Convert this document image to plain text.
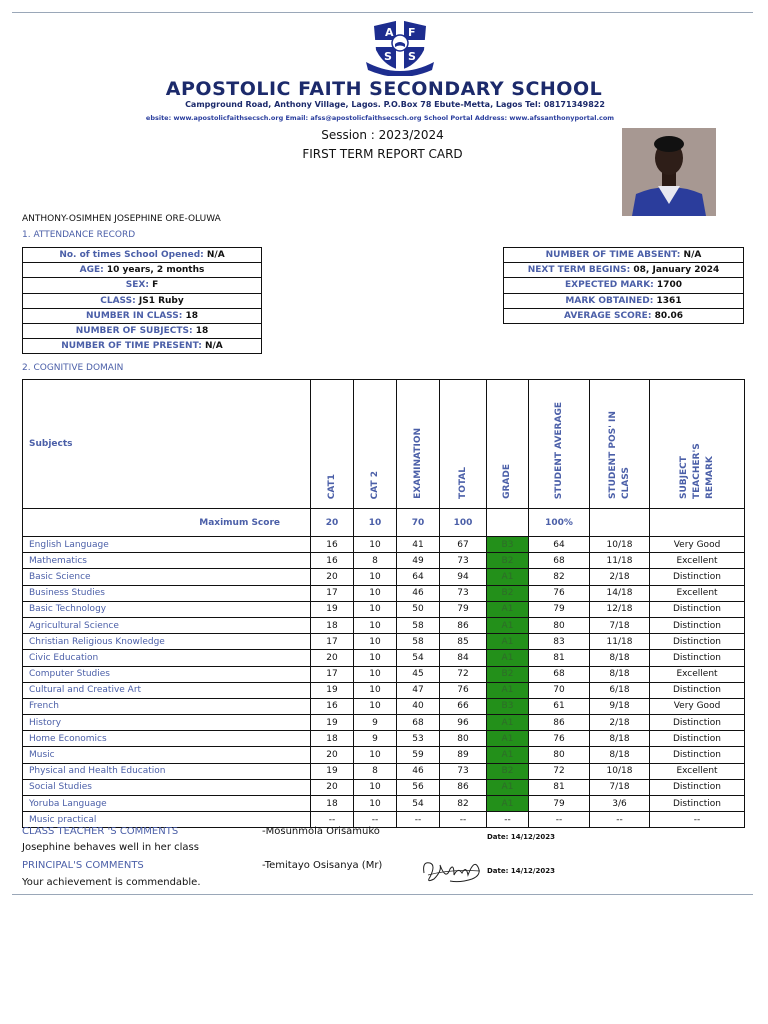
A F
S S
APOSTOLIC FAITH SECONDARY SCHOOL
Campground Road, Anthony Village, Lagos. P.O.Box 78 Ebute-Metta, Lagos Tel: 08171349822
ebsite: www.apostolicfaithsecsch.org Email: afss@apostolicfaithsecsch.org School Portal Address: www.afssanthonyportal.com
Session : 2023/2024
FIRST TERM REPORT CARD
ANTHONY-OSIMHEN JOSEPHINE ORE-OLUWA
1. ATTENDANCE RECORD
No. of times School Opened: N/A
AGE: 10 years, 2 months
SEX: F
CLASS: JS1 Ruby
NUMBER IN CLASS: 18
NUMBER OF SUBJECTS: 18
NUMBER OF TIME PRESENT: N/A
NUMBER OF TIME ABSENT: N/A
NEXT TERM BEGINS: 08, January 2024
EXPECTED MARK: 1700
MARK OBTAINED: 1361
AVERAGE SCORE: 80.06
2. COGNITIVE DOMAIN
Subjects	CAT1	CAT 2	EXAMINATION	TOTAL	GRADE	STUDENT AVERAGE	STUDENT POS' IN CLASS	SUBJECT TEACHER'S REMARK
Maximum Score	20	10	70	100		100%		
English Language	16	10	41	67	B3	64	10/18	Very Good
Mathematics	16	8	49	73	B2	68	11/18	Excellent
Basic Science	20	10	64	94	A1	82	2/18	Distinction
Business Studies	17	10	46	73	B2	76	14/18	Excellent
Basic Technology	19	10	50	79	A1	79	12/18	Distinction
Agricultural Science	18	10	58	86	A1	80	7/18	Distinction
Christian Religious Knowledge	17	10	58	85	A1	83	11/18	Distinction
Civic Education	20	10	54	84	A1	81	8/18	Distinction
Computer Studies	17	10	45	72	B2	68	8/18	Excellent
Cultural and Creative Art	19	10	47	76	A1	70	6/18	Distinction
French	16	10	40	66	B3	61	9/18	Very Good
History	19	9	68	96	A1	86	2/18	Distinction
Home Economics	18	9	53	80	A1	76	8/18	Distinction
Music	20	10	59	89	A1	80	8/18	Distinction
Physical and Health Education	19	8	46	73	B2	72	10/18	Excellent
Social Studies	20	10	56	86	A1	81	7/18	Distinction
Yoruba Language	18	10	54	82	A1	79	3/6	Distinction
Music practical	--	--	--	--	--	--	--	--
CLASS TEACHER 'S COMMENTS	-Mosunmola Orisamuko	Date: 14/12/2023
Josephine behaves well in her class
PRINCIPAL'S COMMENTS	-Temitayo Osisanya (Mr)	Date: 14/12/2023
Your achievement is commendable.
